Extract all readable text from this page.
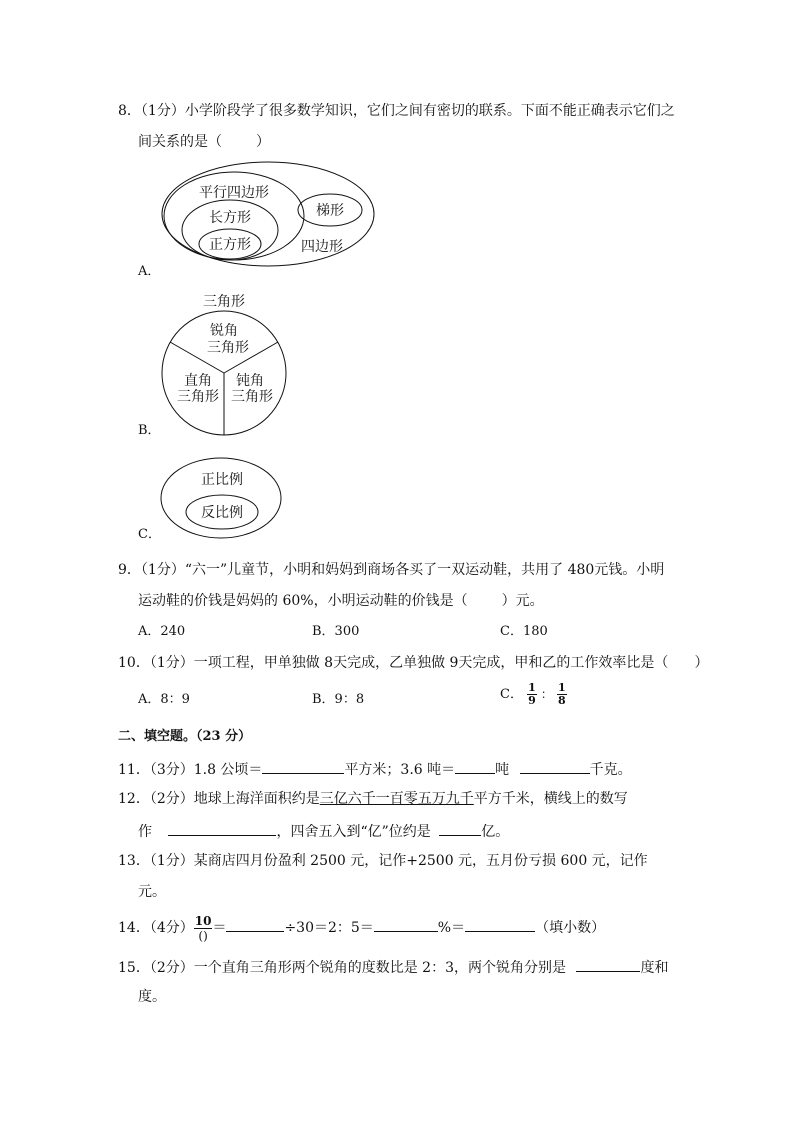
8．（1分）小学阶段学了很多数学知识，它们之间有密切的联系。下面不能正确表示它们之
间关系的是（ ）
平行四边形
长方形
正方形
梯形
四边形
A．
三角形
锐角
三角形
直角
三角形
钝角
三角形
B．
正比例
反比例
C．
9．（1分）“六一”儿童节，小明和妈妈到商场各买了一双运动鞋，共用了 480元钱。小明
运动鞋的价钱是妈妈的 60%，小明运动鞋的价钱是（ ）元。
A．240	B．300	C．180
10．（1分）一项工程，甲单独做 8天完成，乙单独做 9天完成，甲和乙的工作效率比是（ ）
A．8：9	B．9：8	C． $\frac{1}{9}$ ： $\frac{1}{8}$
二、填空题。（23 分）
11．（3分）1.8 公顷＝	平方米；3.6 吨＝	吨	千克。
12．（2分）地球上海洋面积约是三亿六千一百零五万九千平方千米，横线上的数写
作	，四舍五入到“亿”位约是	亿。
13．（1分）某商店四月份盈利 2500 元，记作+2500 元，五月份亏损 600 元，记作
元。
14．（4分） $\frac{10}{()}$ ＝	÷30＝2：5＝	%＝	（填小数）
15．（2分）一个直角三角形两个锐角的度数比是 2：3，两个锐角分别是	度和
度。
